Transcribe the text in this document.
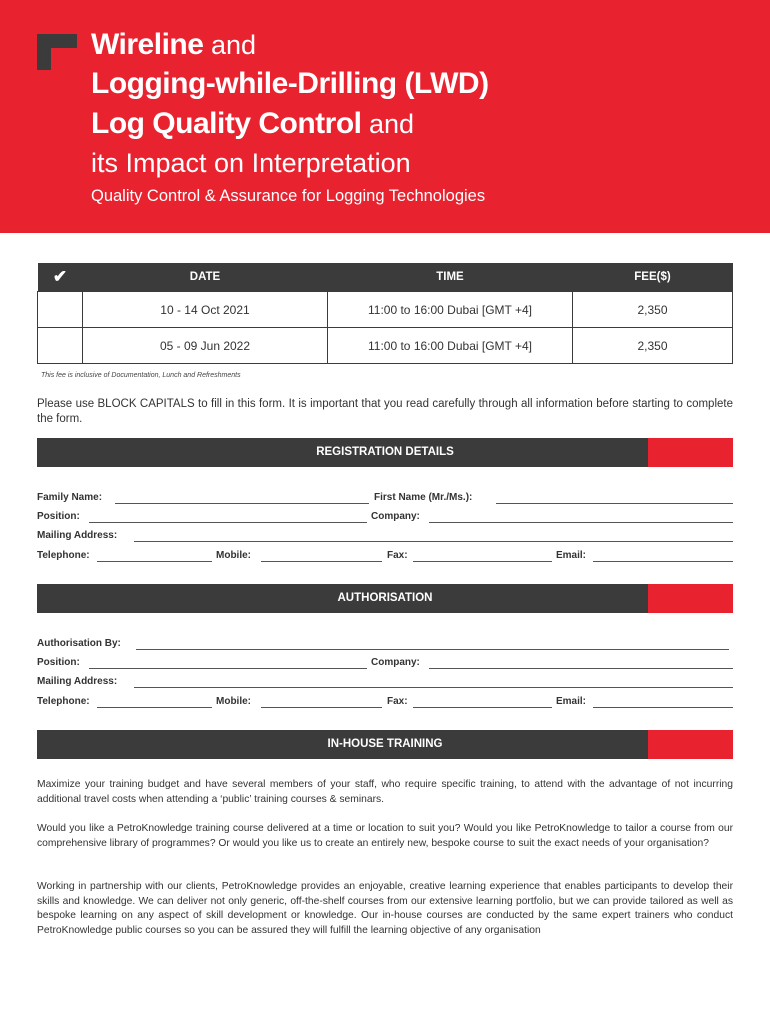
Wireline and
Logging-while-Drilling (LWD)
Log Quality Control and
its Impact on Interpretation
Quality Control & Assurance for Logging Technologies
✔	DATE	TIME	FEE($)
	10 - 14 Oct 2021	11:00 to 16:00 Dubai [GMT +4]	2,350
	05 - 09 Jun 2022	11:00 to 16:00 Dubai [GMT +4]	2,350
This fee is inclusive of Documentation, Lunch and Refreshments
Please use BLOCK CAPITALS to fill in this form. It is important that you read carefully through all information before starting to complete the form.
REGISTRATION DETAILS
Family Name:	First Name (Mr./Ms.):
Position:	Company:
Mailing Address:
Telephone:	Mobile:	Fax:	Email:
AUTHORISATION
Authorisation By:
Position:	Company:
Mailing Address:
Telephone:	Mobile:	Fax:	Email:
IN-HOUSE TRAINING
Maximize your training budget and have several members of your staff, who require specific training, to attend with the advantage of not incurring additional travel costs when attending a ‘public’ training courses & seminars.
Would you like a PetroKnowledge training course delivered at a time or location to suit you? Would you like PetroKnowledge to tailor a course from our comprehensive library of programmes? Or would you like us to create an entirely new, bespoke course to suit the exact needs of your organisation?
Working in partnership with our clients, PetroKnowledge provides an enjoyable, creative learning experience that enables participants to develop their skills and knowledge. We can deliver not only generic, off-the-shelf courses from our extensive learning portfolio, but we can provide tailored as well as bespoke learning on any aspect of skill development or knowledge. Our in-house courses are conducted by the same expert trainers who conduct PetroKnowledge public courses so you can be assured they will fulfill the learning objective of any organisation
